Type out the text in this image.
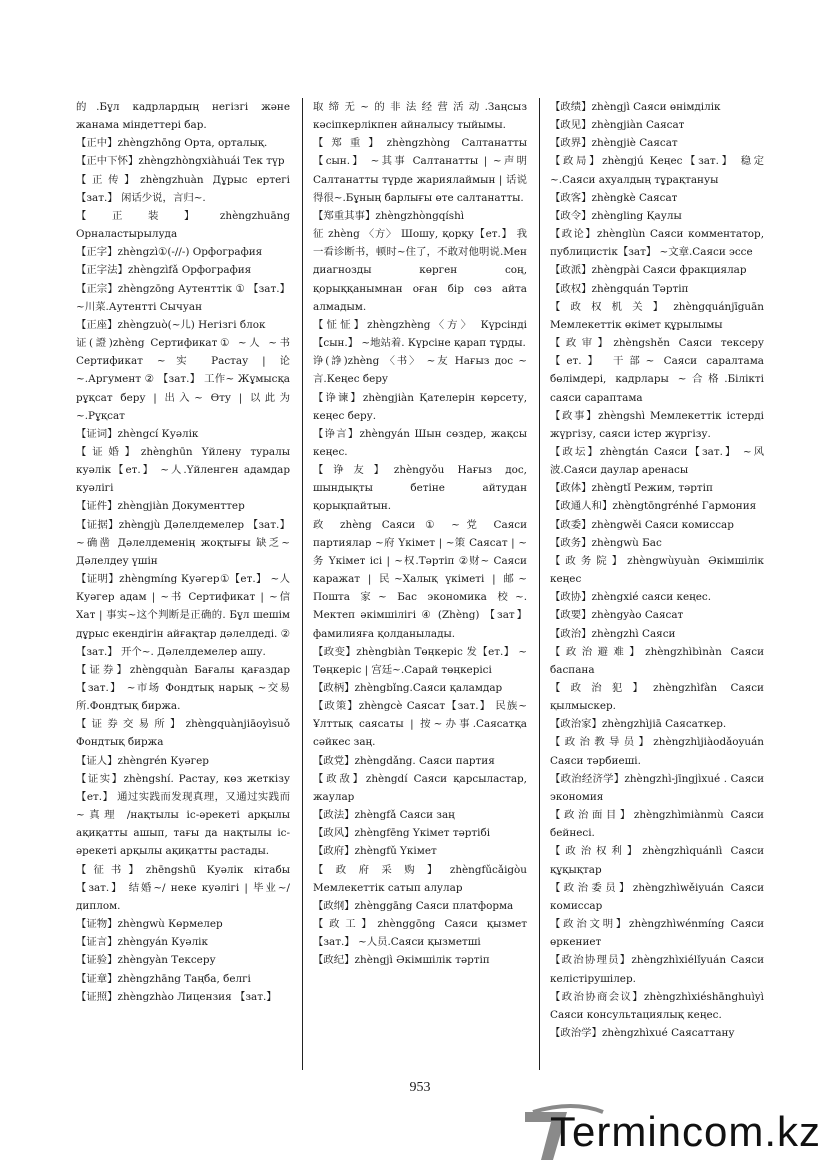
的.Бұл кадрлардың негізгі және жанама міндеттері бар.

【正中】zhèngzhōng Орта, орталық.

【正中下怀】zhèngzhòngxiàhuái Тек түр

【正传】zhèngzhuàn Дұрыс ертегі 【зат.】 闲话少说，言归~.

【正装】zhèngzhuāng Орналастырылуда

【正字】zhèngzì①(-//-) Орфография

【正字法】zhèngzìfǎ Орфография

【正宗】zhèngzōng Аутенттік ① 【зат.】 ~川菜.Аутентті Сычуан

【正座】zhèngzuò(~儿) Негізгі блок

证(證)zhèng Сертификат① ~人 ~书 Сертификат ~实 Растау | 论~.Аргумент ② 【зат.】 工作~ Жұмысқа рұқсат беру | 出入~ Өту | 以此为~.Рұқсат

【证词】zhèngcí Куәлік

【证婚】zhènghūn Үйлену туралы куәлік【ет.】 ~人.Үйленген адамдар куәлігі

【证件】zhèngjiàn Документтер

【证据】zhèngjù Дәлелдемелер 【зат.】 ~确凿 Дәлелдеменің жоқтығы 缺乏~ Дәлелдеу үшін

【证明】zhèngmíng Куәгер①【ет.】 ~人 Куәгер адам | ~书 Сертификат | ~信 Хат | 事实~这个判断是正确的. Бұл шешім дұрыс екендігін айғақтар дәлелдеді. ② 【зат.】 开个~. Дәлелдемелер ашу.

【证券】zhèngquàn Бағалы қағаздар 【зат.】 ~市场 Фондтық нарық ~交易所.Фондтық биржа.

【证券交易所】zhèngquànjiāoyìsuǒ Фондтық биржа

【证人】zhèngrén Куәгер

【证实】zhèngshí. Растау, көз жеткізу 【ет.】 通过实践而发现真理，又通过实践而~真理 /нақтылы іс-әрекеті арқылы ақиқатты ашып, тағы да нақтылы іс-әрекеті арқылы ақиқатты растады.

【征书】zhēngshū Куәлік кітабы 【зат.】 结婚~/ неке куәлігі | 毕业~/ диплом.

【证物】zhèngwù Көрмелер

【证言】zhèngyán Куәлік

【证验】zhèngyàn Тексеру

【证章】zhèngzhāng Таңба, белгі

【证照】zhèngzhào Лицензия 【зат.】

取缔无~的非法经营活动.Заңсыз кәсіпкерлікпен айналысу тыйымы.

【郑重】zhèngzhòng Салтанатты 【сын.】 ~其事 Салтанатты | ~声明 Салтанатты түрде жариялаймын | 话说得很~.Бұның барлығы өте салтанатты.

【郑重其事】zhèngzhòngqíshì

征 zhèng 〈方〉 Шошу, қорқу【ет.】 我一看诊断书，顿时~住了，不敢对他明说.Мен диагнозды көрген соң, қорыққанымнан оған бір сөз айта алмадым.

【怔怔】zhèngzhèng〈方〉 Күрсінді 【сын.】 ~地站着. Күрсіне қарап тұрды.

诤(諍)zhèng 〈书〉 ~友 Нағыз дос ~言.Кеңес беру

【诤谏】zhèngjiàn Қателерін көрсету, кеңес беру.

【诤言】zhèngyán Шын сөздер, жақсы кеңес.

【诤友】zhèngyǒu Нағыз дос, шындықты бетіне айтудан қорықпайтын.

政 zhèng Саяси ① ~党 Саяси партиялар ~府 Үкімет | ~策 Саясат | ~务 Үкімет ісі | ~权.Тәртіп ②财~ Саяси каражат | 民~Халық үкіметі | 邮~ Пошта 家~ Бас экономика 校~. Мектеп әкімшілігі ④ (Zhèng) 【зат】 фамилияға қолданылады.

【政变】zhèngbiàn Төңкеріс 发【ет.】 ~ Төңкеріс | 宫廷~.Сарай төңкерісі

【政柄】zhèngbǐng.Саяси қаламдар

【政策】zhèngcè Саясат【зат.】 民族~ Ұлттық саясаты | 按~办事.Саясатқа сәйкес заң.

【政党】zhèngdǎng. Саяси партия

【政敌】zhèngdí Саяси қарсыластар, жаулар

【政法】zhèngfǎ Саяси заң

【政风】zhèngfēng Үкімет тәртібі

【政府】zhèngfǔ Үкімет

【政府采购】zhèngfǔcǎigòu Мемлекеттік сатып алулар

【政纲】zhènggāng Саяси платформа

【政工】zhènggōng Саяси қызмет 【зат.】 ~人员.Саяси қызметші

【政纪】zhèngjì Әкімшілік тәртіп

【政绩】zhèngjì Саяси өнімділік

【政见】zhèngjiàn Саясат

【政界】zhèngjiè Саясат

【政局】zhèngjú Кеңес【зат.】 稳定~.Саяси ахуалдың тұрақтануы

【政客】zhèngkè Саясат

【政令】zhèngling Қаулы

【政论】zhènglùn Саяси комментатор, публицистік【зат】 ~文章.Саяси эссе

【政派】zhèngpài Саяси фракциялар

【政权】zhèngquán Тәртіп

【政权机关】zhèngquánjīguān Мемлекеттік өкімет құрылымы

【政审】zhèngshěn Саяси тексеру【ет.】 干部~ Саяси саралтама бөлімдері, кадрлары ~合格.Білікті саяси сараптама

【政事】zhèngshì Мемлекеттік істерді жүргізу, саяси істер жүргізу.

【政坛】zhèngtán Саяси【зат.】 ~风波.Саяси даулар аренасы

【政体】zhèngtǐ Режим, тәртіп

【政通人和】zhèngtōngrénhé Гармония

【政委】zhèngwěi Саяси комиссар

【政务】zhèngwù Бас

【政务院】zhèngwùyuàn Әкімшілік кеңес

【政协】zhèngxié саяси кеңес.

【政要】zhèngyào Саясат

【政治】zhèngzhì Саяси

【政治避难】zhèngzhìbìnàn Саяси баспана

【政治犯】zhèngzhìfàn Саяси қылмыскер.

【政治家】zhèngzhìjiā Саясаткер.

【政治教导员】zhèngzhìjiàodǎoyuán Саяси тәрбиеші.

【政治经济学】zhèngzhì-jīngjìxué . Саяси экономия

【政治面目】zhèngzhìmiànmù Саяси бейнесі.

【政治权利】zhèngzhìquánlì Саяси құқықтар

【政治委员】zhèngzhìwěiyuán Саяси комиссар

【政治文明】zhèngzhìwénmíng Саяси өркениет

【政治协理员】zhèngzhìxiélǐyuán Саяси келістірушілер.

【政治协商会议】zhèngzhìxiéshānghuìyì Саяси консультациялық кеңес.

【政治学】zhèngzhìxué Саясаттану

953
Termincom.kz
